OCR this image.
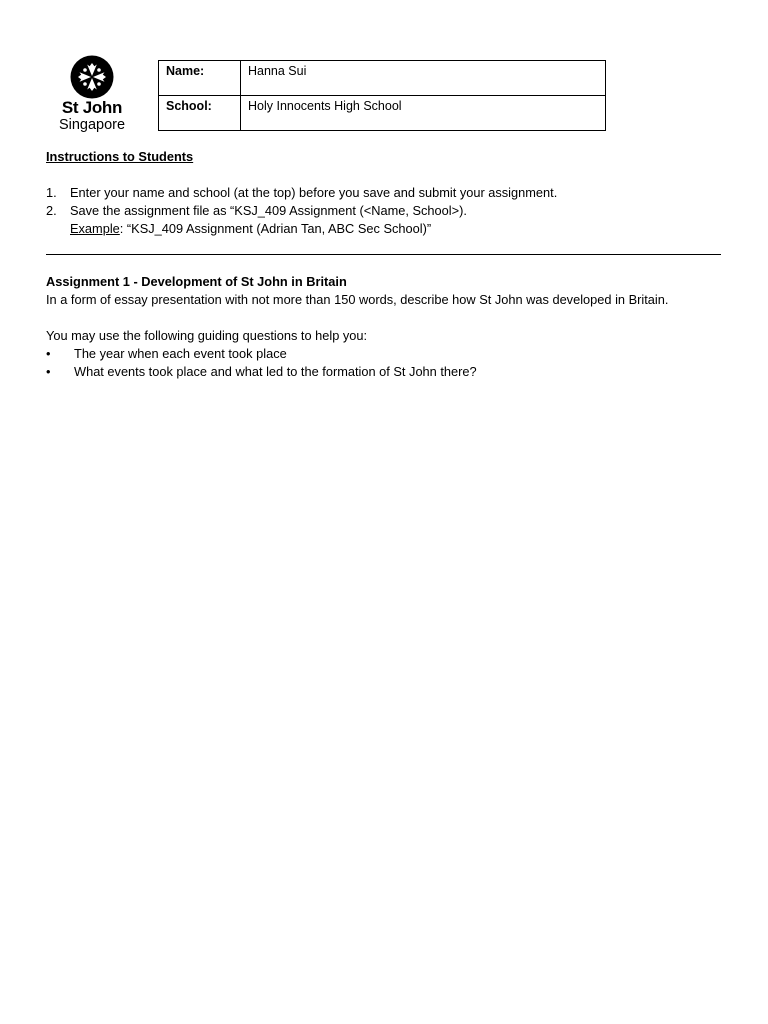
St John
Singapore
Name:	Hanna Sui
School:	Holy Innocents High School
Instructions to Students
1. Enter your name and school (at the top) before you save and submit your assignment.
2. Save the assignment file as “KSJ_409 Assignment (<Name, School>).
Example: “KSJ_409 Assignment (Adrian Tan, ABC Sec School)”
Assignment 1 - Development of St John in Britain
In a form of essay presentation with not more than 150 words, describe how St John was developed in Britain.
You may use the following guiding questions to help you:
• The year when each event took place
• What events took place and what led to the formation of St John there?
